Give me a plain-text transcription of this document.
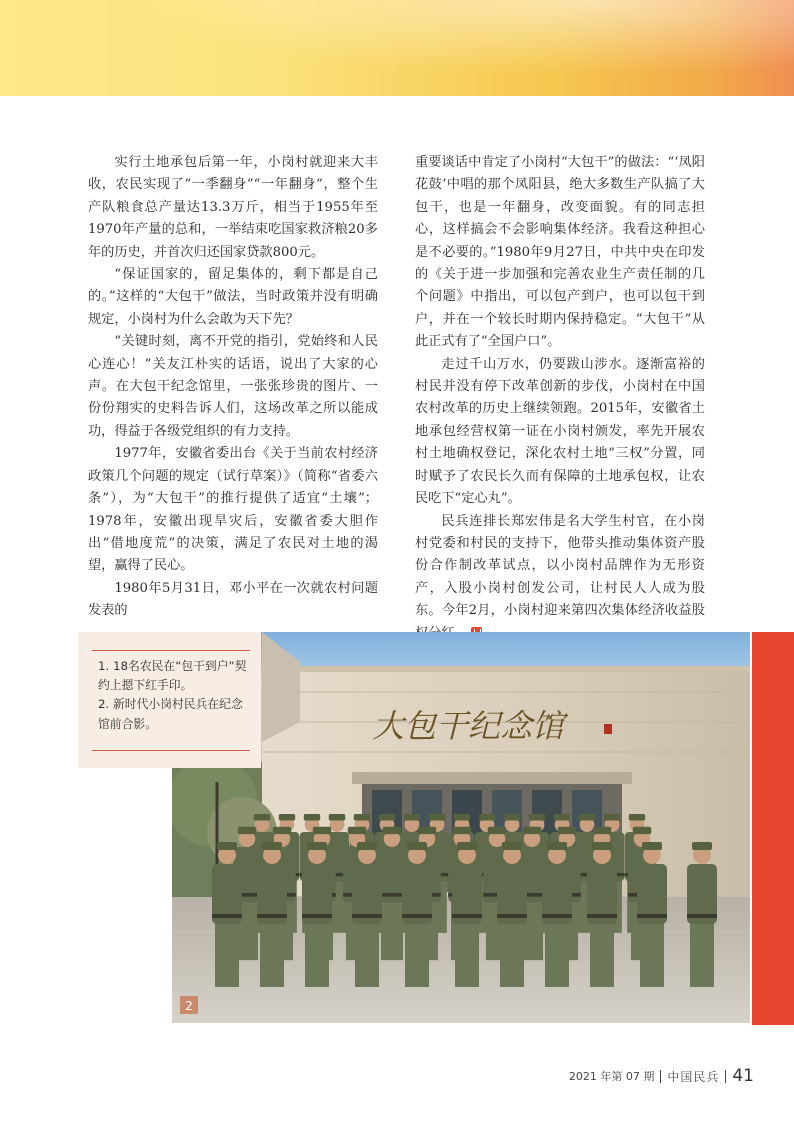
实行土地承包后第一年，小岗村就迎来大丰收，农民实现了“一季翻身”“一年翻身”，整个生产队粮食总产量达13.3万斤，相当于1955年至1970年产量的总和，一举结束吃国家救济粮20多年的历史，并首次归还国家贷款800元。

“保证国家的，留足集体的，剩下都是自己的。”这样的“大包干”做法，当时政策并没有明确规定，小岗村为什么会敢为天下先？

“关键时刻，离不开党的指引，党始终和人民心连心！”关友江朴实的话语，说出了大家的心声。在大包干纪念馆里，一张张珍贵的图片、一份份翔实的史料告诉人们，这场改革之所以能成功，得益于各级党组织的有力支持。

1977年，安徽省委出台《关于当前农村经济政策几个问题的规定（试行草案）》（简称“省委六条”），为“大包干”的推行提供了适宜“土壤”；1978年，安徽出现旱灾后，安徽省委大胆作出“借地度荒”的决策，满足了农民对土地的渴望，赢得了民心。

1980年5月31日，邓小平在一次就农村问题发表的

重要谈话中肯定了小岗村“大包干”的做法：“‘凤阳花鼓’中唱的那个凤阳县，绝大多数生产队搞了大包干，也是一年翻身，改变面貌。有的同志担心，这样搞会不会影响集体经济。我看这种担心是不必要的。”1980年9月27日，中共中央在印发的《关于进一步加强和完善农业生产责任制的几个问题》中指出，可以包产到户，也可以包干到户，并在一个较长时期内保持稳定。“大包干”从此正式有了“全国户口”。

走过千山万水，仍要跋山涉水。逐渐富裕的村民并没有停下改革创新的步伐，小岗村在中国农村改革的历史上继续领跑。2015年，安徽省土地承包经营权第一证在小岗村颁发，率先开展农村土地确权登记，深化农村土地“三权”分置，同时赋予了农民长久而有保障的土地承包权，让农民吃下“定心丸”。

民兵连排长郑宏伟是名大学生村官，在小岗村党委和村民的支持下，他带头推动集体资产股份合作制改革试点，以小岗村品牌作为无形资产，入股小岗村创发公司，让村民人人成为股东。今年2月，小岗村迎来第四次集体经济收益股

大包干纪念馆
2
1. 18名农民在“包干到户”契约上摁下红手印。
2. 新时代小岗村民兵在纪念馆前合影。
2021 年第 07 期 中国民兵 41
